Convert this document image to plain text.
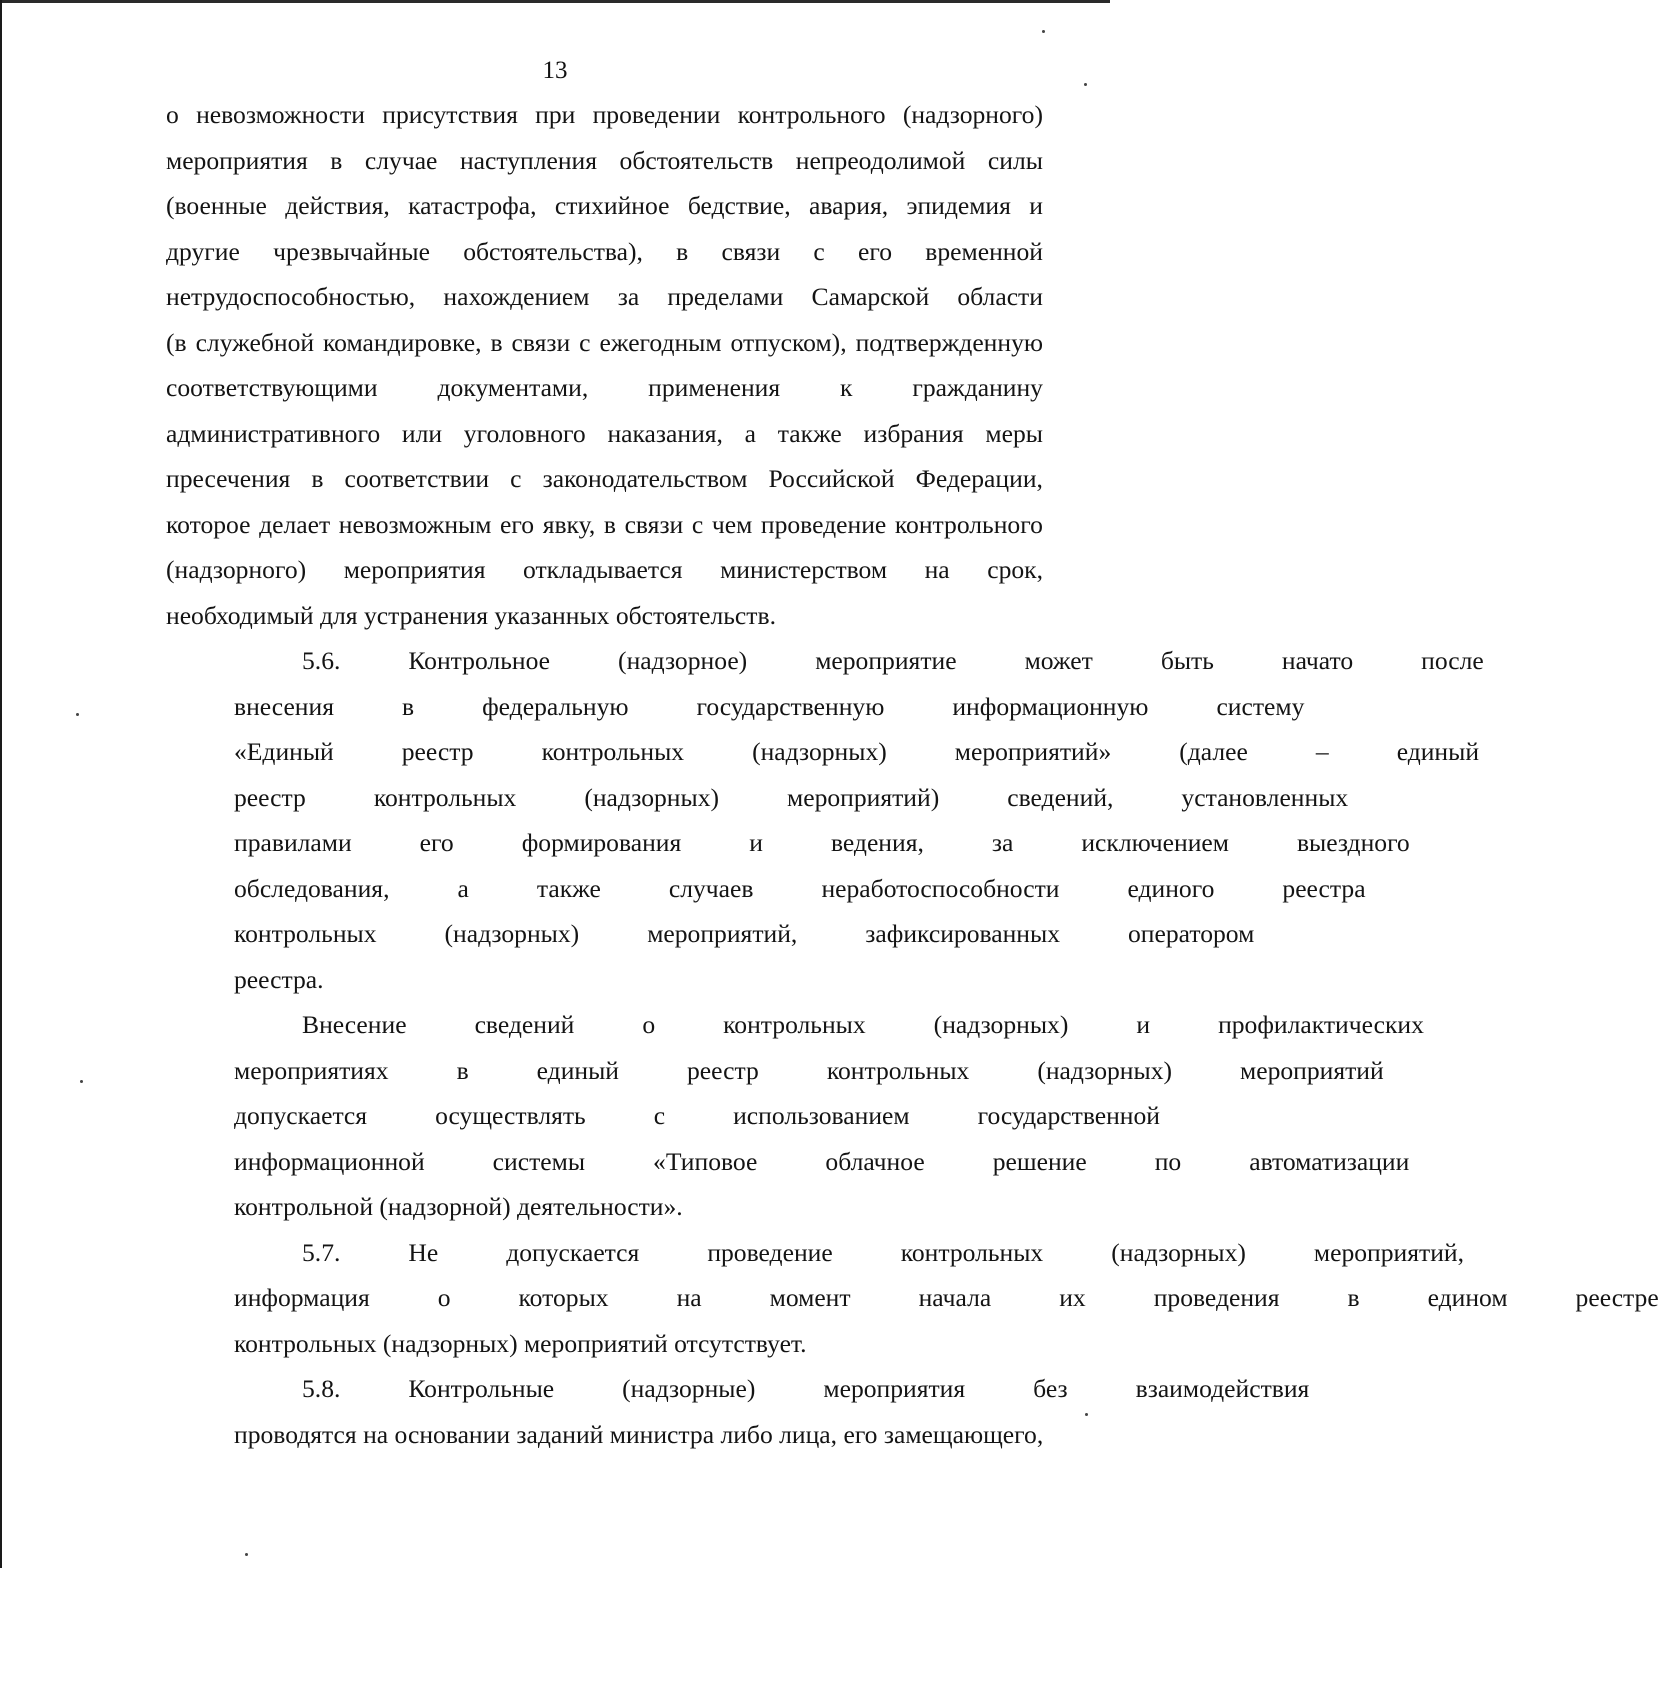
13

о невозможности присутствия при проведении контрольного (надзорного)
мероприятия в случае наступления обстоятельств непреодолимой силы
(военные действия, катастрофа, стихийное бедствие, авария, эпидемия и
другие чрезвычайные обстоятельства), в связи с его временной
нетрудоспособностью, нахождением за пределами Самарской области
(в служебной командировке, в связи с ежегодным отпуском), подтвержденную
соответствующими документами, применения к гражданину
административного или уголовного наказания, а также избрания меры
пресечения в соответствии с законодательством Российской Федерации,
которое делает невозможным его явку, в связи с чем проведение контрольного
(надзорного) мероприятия откладывается министерством на срок,
необходимый для устранения указанных обстоятельств.

5.6.	Контрольное	(надзорное)	мероприятие	может	быть	начато	после
внесения	в	федеральную	государственную	информационную	систему
«Единый	реестр	контрольных	(надзорных)	мероприятий»	(далее	–	единый
реестр	контрольных	(надзорных)	мероприятий)	сведений,	установленных
правилами	его	формирования	и	ведения,	за	исключением	выездного
обследования,	а	также	случаев	неработоспособности	единого	реестра
контрольных	(надзорных)	мероприятий,	зафиксированных	оператором
реестра.

Внесение	сведений	о	контрольных	(надзорных)	и	профилактических
мероприятиях	в	единый	реестр	контрольных	(надзорных)	мероприятий
допускается	осуществлять	с	использованием	государственной
информационной	системы	«Типовое	облачное	решение	по	автоматизации
контрольной (надзорной) деятельности».

5.7.	Не	допускается	проведение	контрольных	(надзорных)	мероприятий,
информация	о	которых	на	момент	начала	их	проведения	в	едином	реестре
контрольных (надзорных) мероприятий отсутствует.

5.8.	Контрольные	(надзорные)	мероприятия	без	взаимодействия
проводятся на основании заданий министра либо лица, его замещающего,
